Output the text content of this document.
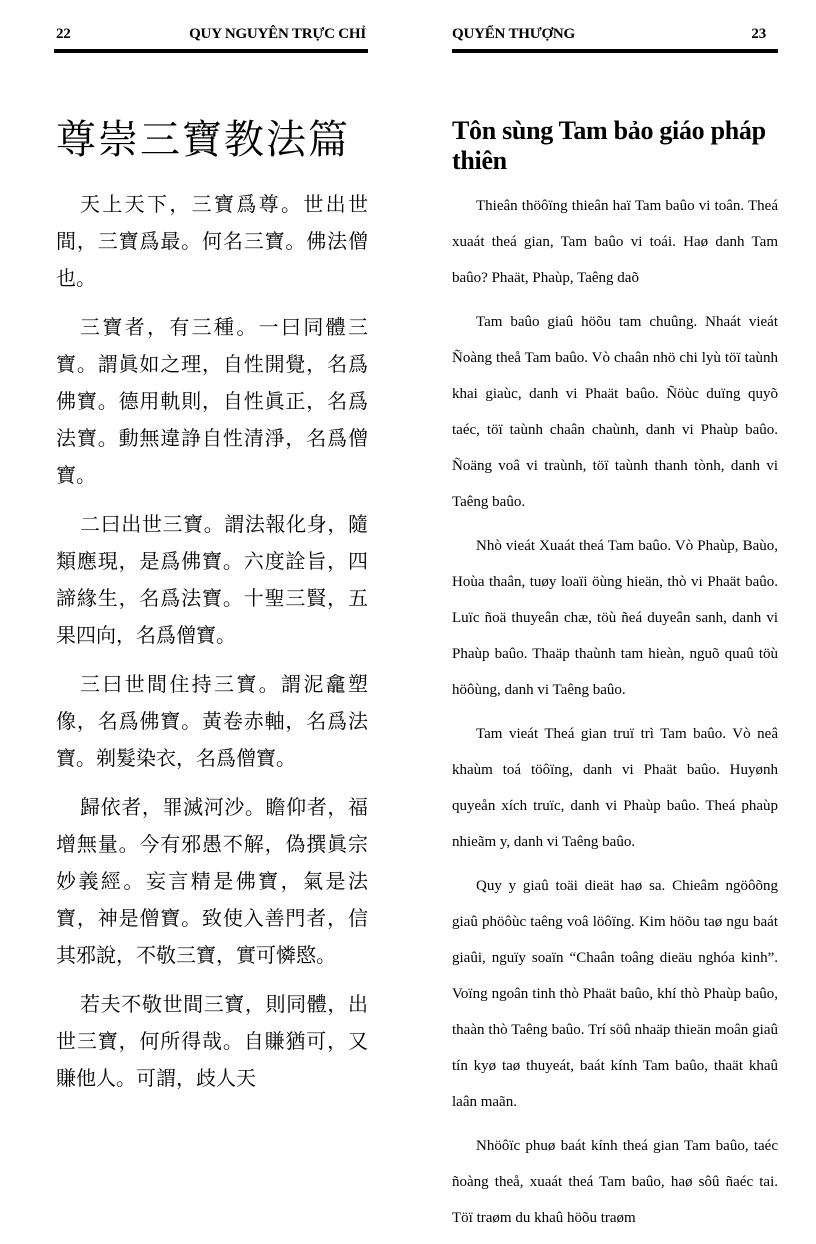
22	QUY NGUYÊN TRỰC CHỈ
尊崇三寶教法篇

天上天下，三寶爲尊。世出世間，三寶爲最。何名三寶。佛法僧也。

三寶者，有三種。一曰同體三寶。謂眞如之理，自性開覺，名爲佛寶。德用軌則，自性眞正，名爲法寶。動無違諍自性清淨，名爲僧寶。

二曰出世三寶。謂法報化身，隨類應現，是爲佛寶。六度詮旨，四諦緣生，名爲法寶。十聖三賢，五果四向，名爲僧寶。

三曰世間住持三寶。謂泥龕塑像，名爲佛寶。黃卷赤軸，名爲法寶。剃髮染衣，名爲僧寶。

歸依者，罪滅河沙。瞻仰者，福增無量。今有邪愚不解，偽撰眞宗妙義經。妄言精是佛寶，氣是法寶，神是僧寶。致使入善門者，信其邪說，不敬三寶，實可憐愍。

若夫不敬世間三寶，則同體，出世三寶，何所得哉。自賺猶可，又賺他人。可謂，歧人天

QUYỂN THƯỢNG	23
Tôn sùng Tam bảo giáo pháp thiên

Thieân thöôïng thieân haï Tam baûo vi toân. Theá xuaát theá gian, Tam baûo vi toái. Haø danh Tam baûo? Phaät, Phaùp, Taêng daõ

Tam baûo giaû höõu tam chuûng. Nhaát vieát Ñoàng theå Tam baûo. Vò chaân nhö chi lyù töï taùnh khai giaùc, danh vi Phaät baûo. Ñöùc duïng quyõ taéc, töï taùnh chaân chaùnh, danh vi Phaùp baûo. Ñoäng voâ vi traùnh, töï taùnh thanh tònh, danh vi Taêng baûo.

Nhò vieát Xuaát theá Tam baûo. Vò Phaùp, Baùo, Hoùa thaân, tuøy loaïi öùng hieän, thò vi Phaät baûo. Luïc ñoä thuyeân chæ, töù ñeá duyeân sanh, danh vi Phaùp baûo. Thaäp thaùnh tam hieàn, nguõ quaû töù höôùng, danh vi Taêng baûo.

Tam vieát Theá gian truï trì Tam baûo. Vò neâ khaùm toá töôïng, danh vi Phaät baûo. Huyønh quyeån xích truïc, danh vi Phaùp baûo. Theá phaùp nhieãm y, danh vi Taêng baûo.

Quy y giaû toäi dieät haø sa. Chieâm ngöôõng giaû phöôùc taêng voâ löôïng. Kim höõu taø ngu baát giaûi, nguïy soaïn “Chaân toâng dieäu nghóa kinh”. Voïng ngoân tinh thò Phaät baûo, khí thò Phaùp baûo, thaàn thò Taêng baûo. Trí söû nhaäp thieän moân giaû tín kyø taø thuyeát, baát kính Tam baûo, thaät khaû laân maãn.

Nhöôïc phuø baát kính theá gian Tam baûo, taéc ñoàng theå, xuaát theá Tam baûo, haø sôû ñaéc tai. Töï traøm du khaû höõu traøm
